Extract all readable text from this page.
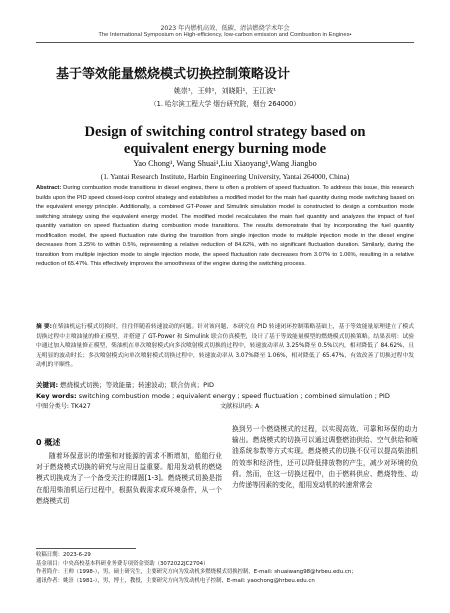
2023 年内燃机高效、低碳、清洁燃烧学术年会
The International Symposium on High-efficiency, low-carbon emission and Combustion in Engines•
基于等效能量燃烧模式切换控制策略设计
姚崇¹，王帅¹，刘晓阳¹，王江波¹
（1. 哈尔滨工程大学 烟台研究院，烟台 264000）
Design of switching control strategy based on
equivalent energy burning mode
Yao Chong¹, Wang Shuai¹,Liu Xiaoyang¹,Wang Jiangbo
(1. Yantai Research Institute, Harbin Engineering University, Yantai 264000, China)
Abstract: During combustion mode transitions in diesel engines, there is often a problem of speed fluctuation. To address this issue, this research builds upon the PID speed closed-loop control strategy and establishes a modified model for the main fuel quantity during mode switching based on the equivalent energy principle. Additionally, a combined GT-Power and Simulink simulation model is constructed to design a combustion mode switching strategy using the equivalent energy model. The modified model recalculates the main fuel quantity and analyzes the impact of fuel quantity variation on speed fluctuation during combustion mode transitions. The results demonstrate that by incorporating the fuel quantity modification model, the speed fluctuation rate during the transition from single injection mode to multiple injection mode in the diesel engine decreases from 3.25% to within 0.5%, representing a relative reduction of 84.62%, with no significant fluctuation duration. Similarly, during the transition from multiple injection mode to single injection mode, the speed fluctuation rate decreases from 3.07% to 1.06%, resulting in a relative reduction of 65.47%. This effectively improves the smoothness of the engine during the switching process.
摘 要:在柴油机运行模式切换时，往往伴随着转速波动的问题。针对该问题，本研究在 PID 转速闭环控制策略基础上，基于等效能量原理建立了模式切换过程中主喷油量的修正模型，并搭建了 GT-Power 和 Simulink 联合仿真模型，设计了基于等效能量模型的燃烧模式切换策略。结果表明：试验中通过加入喷油量修正模型，柴油机在单次喷射模式向多次喷射模式切换的过程中，转速波动率从 3.25%降至 0.5%以内，相对降低了 84.62%，且无明显的波动时长；多次喷射模式向单次喷射模式切换过程中，转速波动率从 3.07%降至 1.06%，相对降低了 65.47%，有效改善了切换过程中发动机的平顺性。
关键词: 燃烧模式切换；等效能量；转速波动；联合仿真；PID
Key words: switching combustion mode ; equivalent energy ; speed fluctuation ; combined simulation ; PID
中图分类号: TK427	文献标识码: A
0 概述
随着环保意识的增强和对能源的需求不断增加，船舶行业对于燃烧模式切换的研究与应用日益重要。船用发动机的燃烧模式切换成为了一个备受关注的课题[1-3]。燃烧模式切换是指在船用柴油机运行过程中，根据负载需求或环境条件，从一个燃烧模式切
换到另一个燃烧模式的过程，以实现高效、可靠和环保的动力输出。燃烧模式的切换可以通过调整燃油供给、空气供给和喷油系统参数等方式实现。燃烧模式的切换不仅可以提高柴油机的效率和经济性，还可以降低排放物的产生，减少对环境的负荷。然而，在这一切换过程中，由于燃料供应、燃烧特性、动力传递等因素的变化，船用发动机的转速常常会
收稿日期：2023-6-29
基金项目：中央高校基本科研业务费专项资金资助（3072022JC2704）
作者简介：王帅（1998-），男，硕士研究生，主要研究方向为发动机多燃烧模式切换控制，E-mail: shuaiwang98@hrbeu.edu.cn；
通讯作者：姚崇（1981-），男，博士，教授，主要研究方向为发动机电子控制，E-mail: yaochong@hrbeu.edu.cn
